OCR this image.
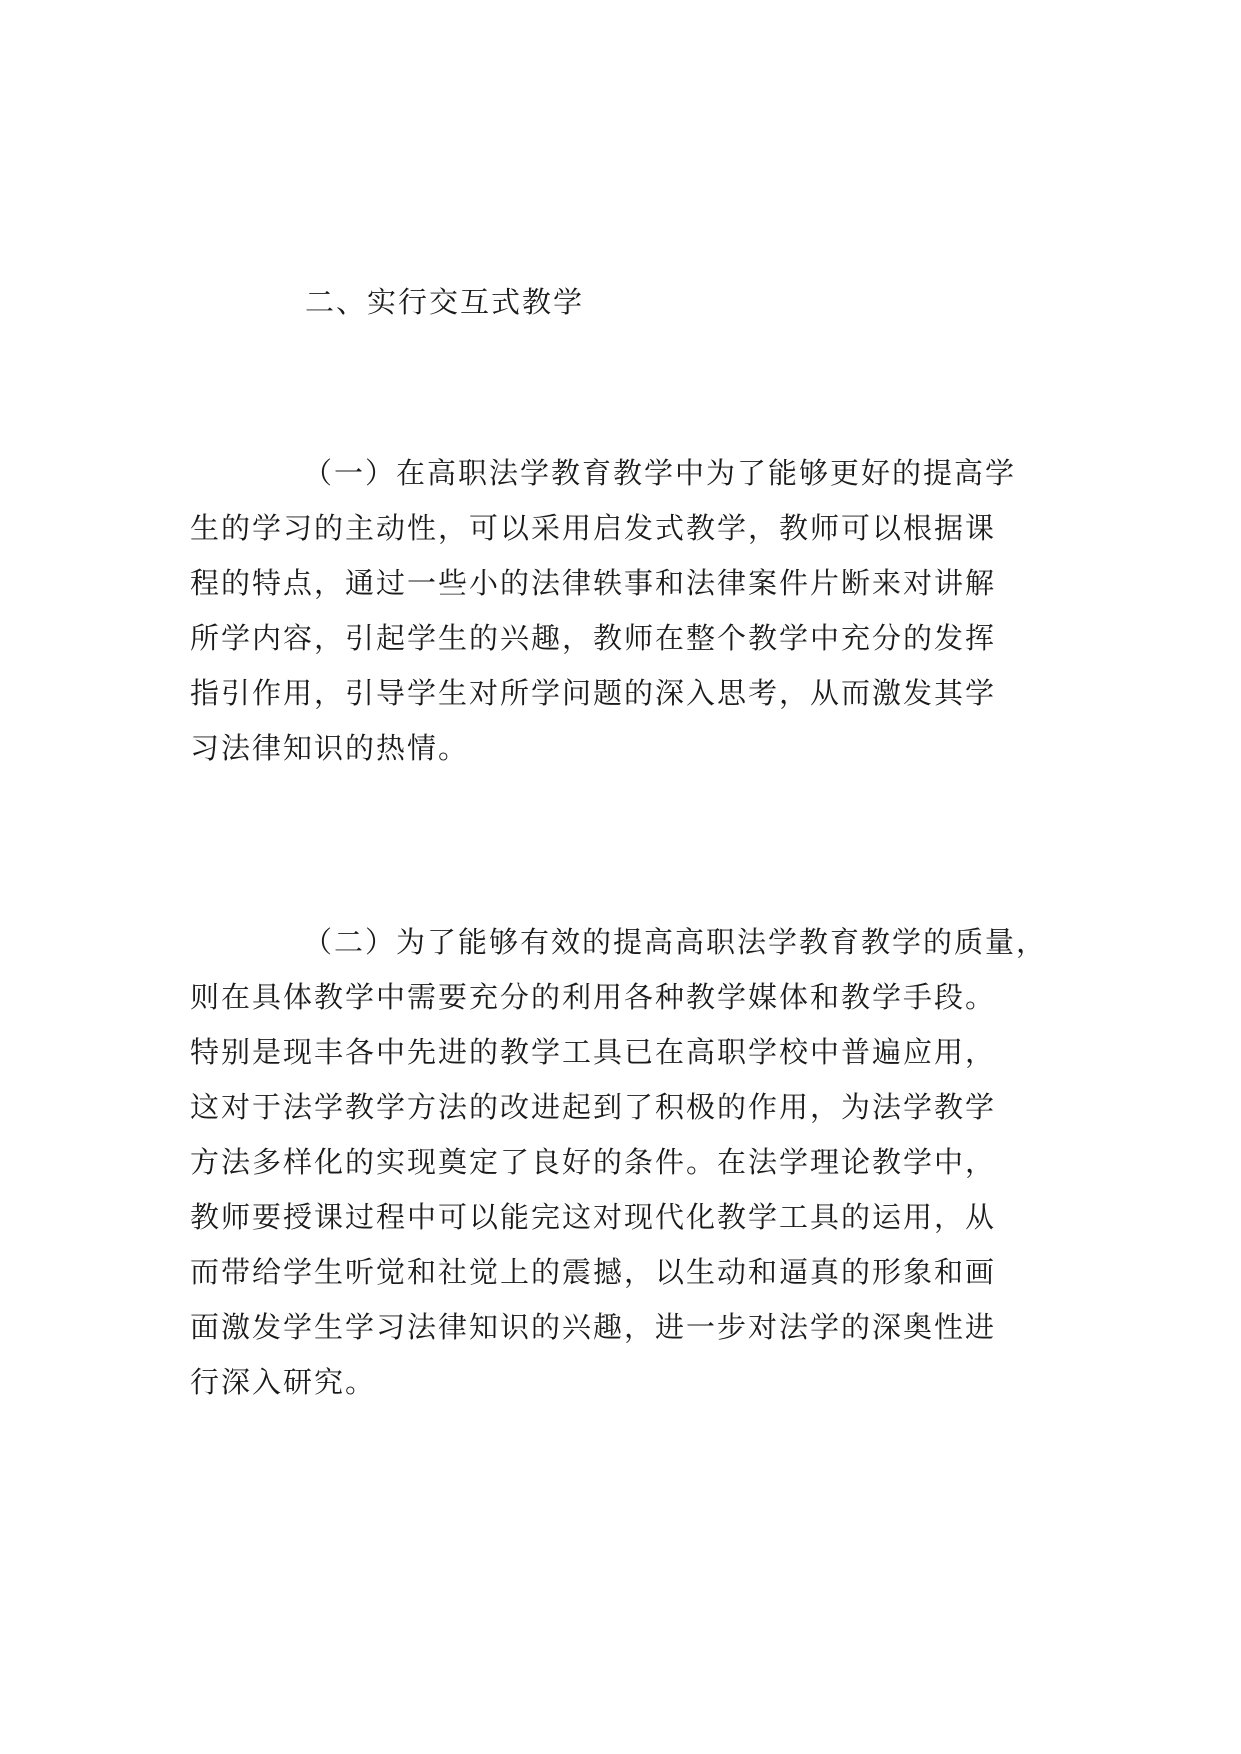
二、实行交互式教学
（一）在高职法学教育教学中为了能够更好的提高学
生的学习的主动性，可以采用启发式教学，教师可以根据课
程的特点，通过一些小的法律轶事和法律案件片断来对讲解
所学内容，引起学生的兴趣，教师在整个教学中充分的发挥
指引作用，引导学生对所学问题的深入思考，从而激发其学
习法律知识的热情。
（二）为了能够有效的提高高职法学教育教学的质量，
则在具体教学中需要充分的利用各种教学媒体和教学手段。
特别是现丰各中先进的教学工具已在高职学校中普遍应用，
这对于法学教学方法的改进起到了积极的作用，为法学教学
方法多样化的实现奠定了良好的条件。在法学理论教学中，
教师要授课过程中可以能完这对现代化教学工具的运用，从
而带给学生听觉和社觉上的震撼，以生动和逼真的形象和画
面激发学生学习法律知识的兴趣，进一步对法学的深奥性进
行深入研究。
